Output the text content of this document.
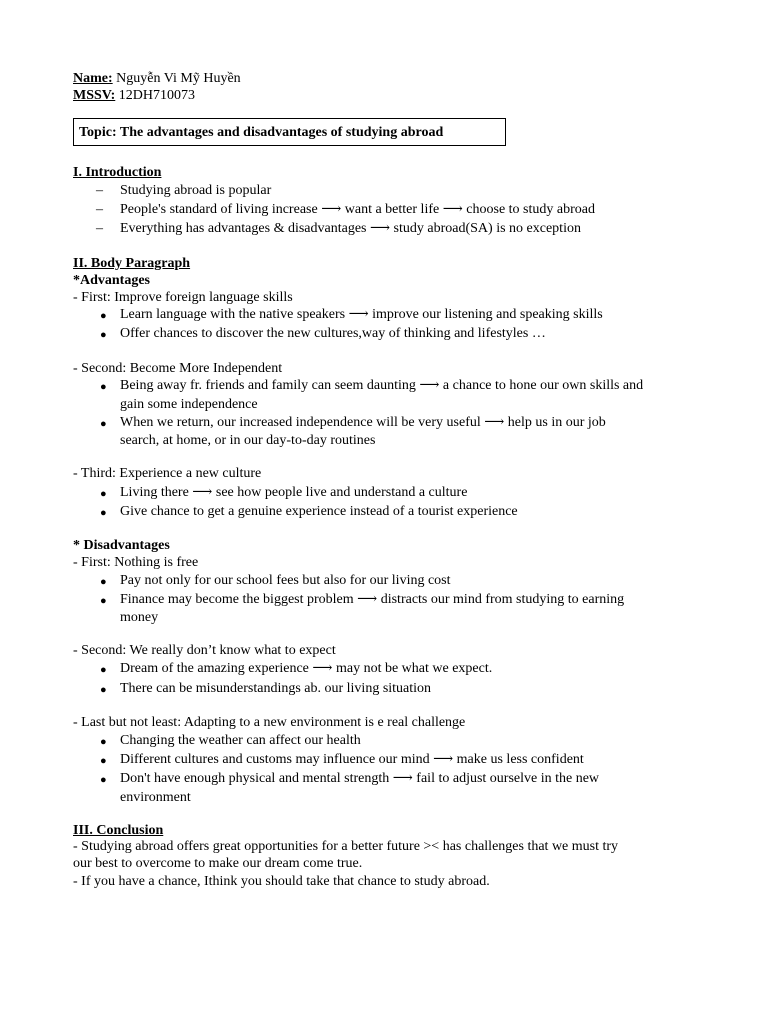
Name: Nguyễn Vi Mỹ Huyền
MSSV: 12DH710073
Topic: The advantages and disadvantages of studying abroad
I. Introduction
– Studying abroad is popular
– People's standard of living increase ⟶ want a better life ⟶ choose to study abroad
– Everything has advantages & disadvantages ⟶ study abroad(SA) is no exception
II. Body Paragraph
*Advantages
- First: Improve foreign language skills
● Learn language with the native speakers ⟶ improve our listening and speaking skills
● Offer chances to discover the new cultures,way of thinking and lifestyles …
- Second: Become More Independent
● Being away fr. friends and family can seem daunting ⟶ a chance to hone our own skills and
gain some independence
● When we return, our increased independence will be very useful ⟶ help us in our job
search, at home, or in our day-to-day routines
- Third: Experience a new culture
● Living there ⟶ see how people live and understand a culture
● Give chance to get a genuine experience instead of a tourist experience
* Disadvantages
- First: Nothing is free
● Pay not only for our school fees but also for our living cost
● Finance may become the biggest problem ⟶ distracts our mind from studying to earning
money
- Second: We really don’t know what to expect
● Dream of the amazing experience ⟶ may not be what we expect.
● There can be misunderstandings ab. our living situation
- Last but not least: Adapting to a new environment is e real challenge
● Changing the weather can affect our health
● Different cultures and customs may influence our mind ⟶ make us less confident
● Don't have enough physical and mental strength ⟶ fail to adjust ourselve in the new
environment
III. Conclusion
- Studying abroad offers great opportunities for a better future >< has challenges that we must try
our best to overcome to make our dream come true.
- If you have a chance, Ithink you should take that chance to study abroad.
